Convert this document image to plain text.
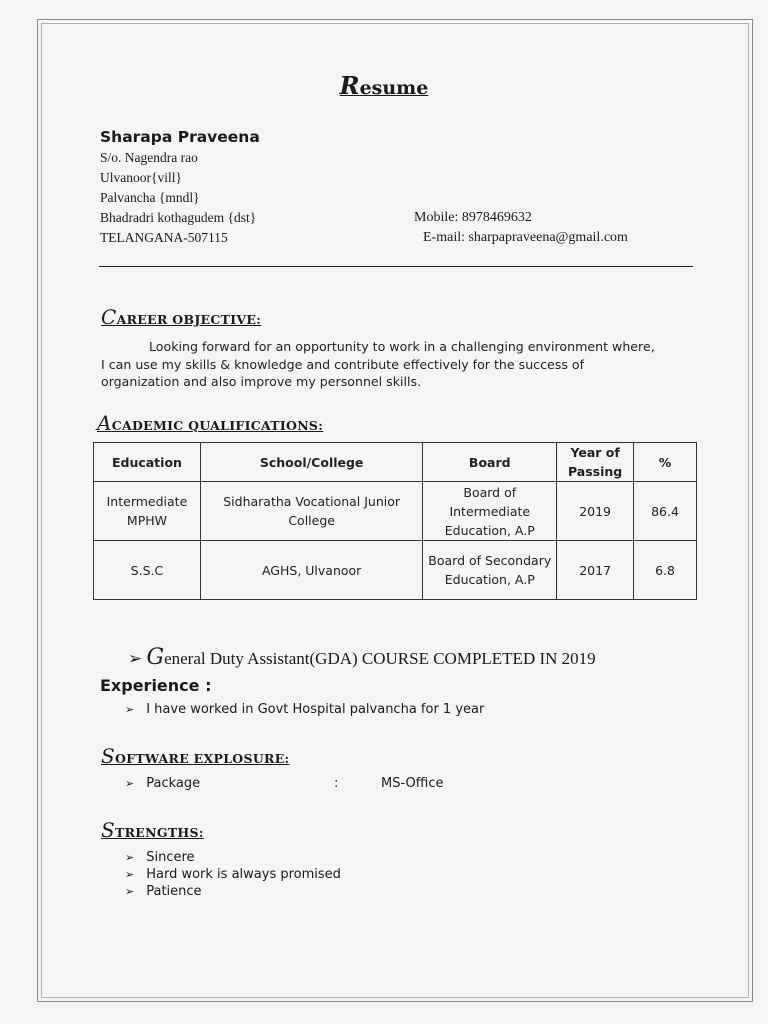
Resume
Sharapa Praveena
S/o. Nagendra rao
Ulvanoor{vill}
Palvancha {mndl}
Bhadradri kothagudem {dst}
TELANGANA-507115
Mobile: 8978469632
E-mail: sharpapraveena@gmail.com
CAREER OBJECTIVE:

Looking forward for an opportunity to work in a challenging environment where,

I can use my skills & knowledge and contribute effectively for the success of

organization and also improve my personnel skills.

ACADEMIC QUALIFICATIONS:
Education	School/College	Board	Year of Passing	%
Intermediate MPHW	Sidharatha Vocational Junior College	Board of Intermediate Education, A.P	2019	86.4
S.S.C	AGHS, Ulvanoor	Board of Secondary Education, A.P	2017	6.8
➢ General Duty Assistant(GDA) COURSE COMPLETED IN 2019
Experience :
➢ I have worked in Govt Hospital palvancha for 1 year
SOFTWARE EXPLOSURE:
➢ Package	:	MS-Office
STRENGTHS:
➢ Sincere
➢ Hard work is always promised
➢ Patience
